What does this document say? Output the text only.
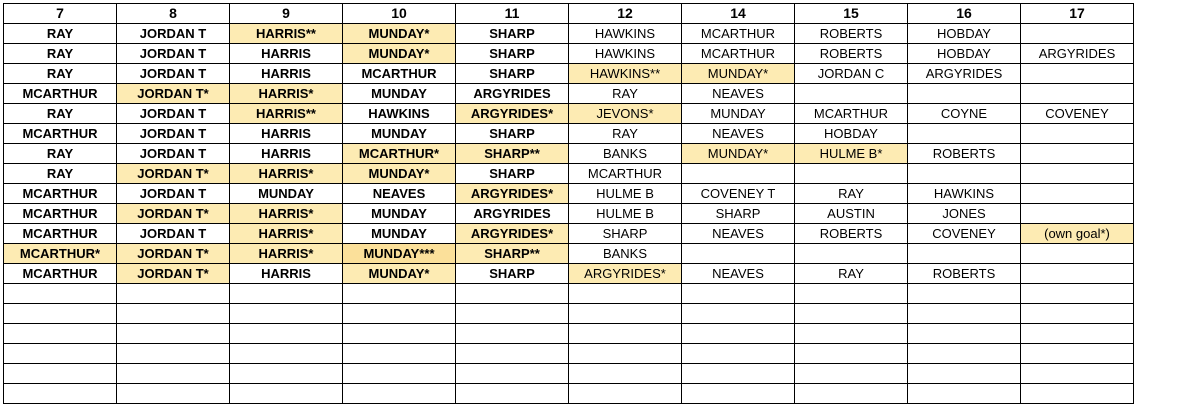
7	8	9	10	11	12	14	15	16	17
RAY	JORDAN T	HARRIS**	MUNDAY*	SHARP	HAWKINS	MCARTHUR	ROBERTS	HOBDAY	
RAY	JORDAN T	HARRIS	MUNDAY*	SHARP	HAWKINS	MCARTHUR	ROBERTS	HOBDAY	ARGYRIDES
RAY	JORDAN T	HARRIS	MCARTHUR	SHARP	HAWKINS**	MUNDAY*	JORDAN C	ARGYRIDES	
MCARTHUR	JORDAN T*	HARRIS*	MUNDAY	ARGYRIDES	RAY	NEAVES			
RAY	JORDAN T	HARRIS**	HAWKINS	ARGYRIDES*	JEVONS*	MUNDAY	MCARTHUR	COYNE	COVENEY
MCARTHUR	JORDAN T	HARRIS	MUNDAY	SHARP	RAY	NEAVES	HOBDAY		
RAY	JORDAN T	HARRIS	MCARTHUR*	SHARP**	BANKS	MUNDAY*	HULME B*	ROBERTS	
RAY	JORDAN T*	HARRIS*	MUNDAY*	SHARP	MCARTHUR				
MCARTHUR	JORDAN T	MUNDAY	NEAVES	ARGYRIDES*	HULME B	COVENEY T	RAY	HAWKINS	
MCARTHUR	JORDAN T*	HARRIS*	MUNDAY	ARGYRIDES	HULME B	SHARP	AUSTIN	JONES	
MCARTHUR	JORDAN T	HARRIS*	MUNDAY	ARGYRIDES*	SHARP	NEAVES	ROBERTS	COVENEY	(own goal*)
MCARTHUR*	JORDAN T*	HARRIS*	MUNDAY***	SHARP**	BANKS				
MCARTHUR	JORDAN T*	HARRIS	MUNDAY*	SHARP	ARGYRIDES*	NEAVES	RAY	ROBERTS	
